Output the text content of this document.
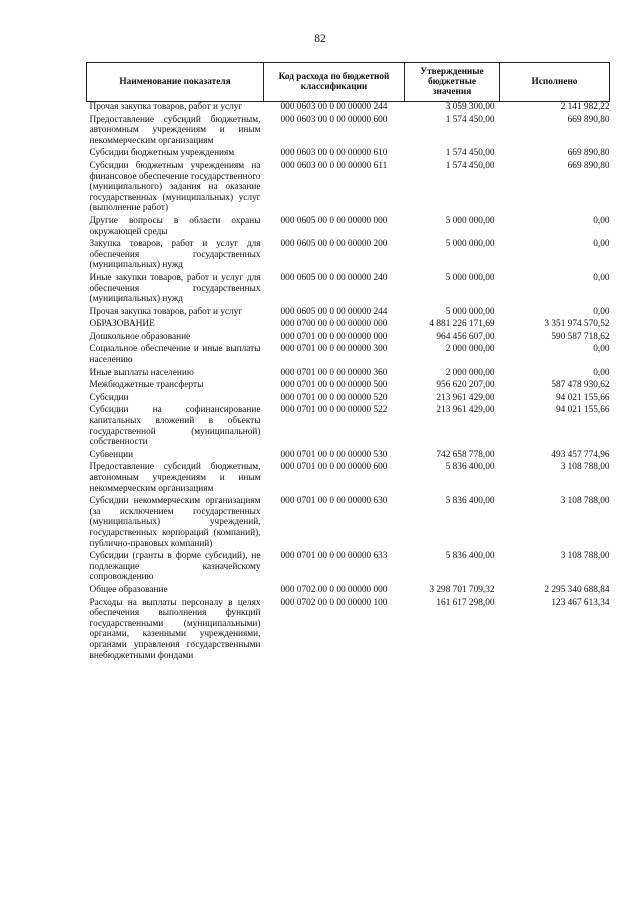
82
Наименование показателя	Код расхода по бюджетной классификации	Утвержденные бюджетные значения	Исполнено
Прочая закупка товаров, работ и услуг	000 0603 00 0 00 00000 244	3 059 300,00	2 141 982,22
Предоставление субсидий бюджетным, автономным учреждениям и иным некоммерческим организациям	000 0603 00 0 00 00000 600	1 574 450,00	669 890,80
Субсидии бюджетным учреждениям	000 0603 00 0 00 00000 610	1 574 450,00	669 890,80
Субсидии бюджетным учреждениям на финансовое обеспечение государственного (муниципального) задания на оказание государственных (муниципальных) услуг (выполнение работ)	000 0603 00 0 00 00000 611	1 574 450,00	669 890,80
Другие вопросы в области охраны окружающей среды	000 0605 00 0 00 00000 000	5 000 000,00	0,00
Закупка товаров, работ и услуг для обеспечения государственных (муниципальных) нужд	000 0605 00 0 00 00000 200	5 000 000,00	0,00
Иные закупки товаров, работ и услуг для обеспечения государственных (муниципальных) нужд	000 0605 00 0 00 00000 240	5 000 000,00	0,00
Прочая закупка товаров, работ и услуг	000 0605 00 0 00 00000 244	5 000 000,00	0,00
ОБРАЗОВАНИЕ	000 0700 00 0 00 00000 000	4 881 226 171,69	3 351 974 570,52
Дошкольное образование	000 0701 00 0 00 00000 000	964 456 607,00	590 587 718,62
Социальное обеспечение и иные выплаты населению	000 0701 00 0 00 00000 300	2 000 000,00	0,00
Иные выплаты населению	000 0701 00 0 00 00000 360	2 000 000,00	0,00
Межбюджетные трансферты	000 0701 00 0 00 00000 500	956 620 207,00	587 478 930,62
Субсидии	000 0701 00 0 00 00000 520	213 961 429,00	94 021 155,66
Субсидии на софинансирование капитальных вложений в объекты государственной (муниципальной) собственности	000 0701 00 0 00 00000 522	213 961 429,00	94 021 155,66
Субвенции	000 0701 00 0 00 00000 530	742 658 778,00	493 457 774,96
Предоставление субсидий бюджетным, автономным учреждениям и иным некоммерческим организациям	000 0701 00 0 00 00000 600	5 836 400,00	3 108 788,00
Субсидии некоммерческим организациям (за исключением государственных (муниципальных) учреждений, государственных корпораций (компаний), публично-правовых компаний)	000 0701 00 0 00 00000 630	5 836 400,00	3 108 788,00
Субсидии (гранты в форме субсидий), не подлежащие казначейскому сопровождению	000 0701 00 0 00 00000 633	5 836 400,00	3 108 788,00
Общее образование	000 0702 00 0 00 00000 000	3 298 701 709,32	2 295 340 688,84
Расходы на выплаты персоналу в целях обеспечения выполнения функций государственными (муниципальными) органами, казенными учреждениями, органами управления государственными внебюджетными фондами	000 0702 00 0 00 00000 100	161 617 298,00	123 467 613,34
